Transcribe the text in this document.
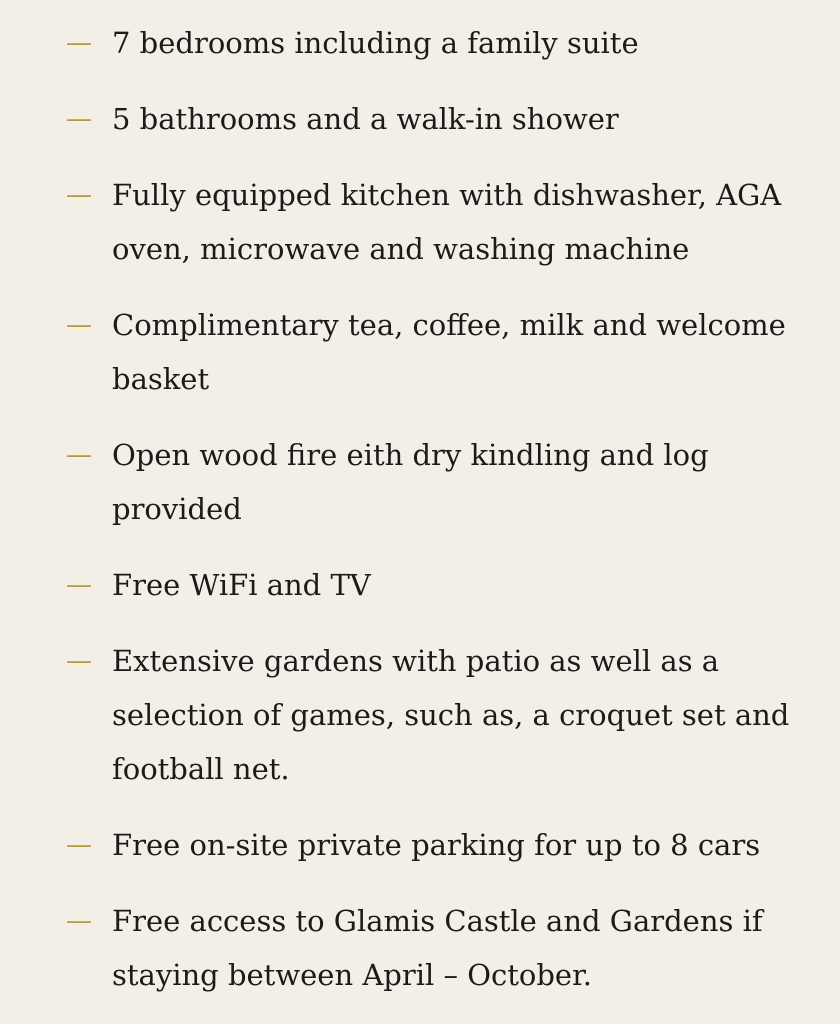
— 7 bedrooms including a family suite
— 5 bathrooms and a walk-in shower
— Fully equipped kitchen with dishwasher, AGA oven, microwave and washing machine
— Complimentary tea, coffee, milk and welcome basket
— Open wood fire eith dry kindling and log provided
— Free WiFi and TV
— Extensive gardens with patio as well as a selection of games, such as, a croquet set and football net.
— Free on-site private parking for up to 8 cars
— Free access to Glamis Castle and Gardens if staying between April – October.
